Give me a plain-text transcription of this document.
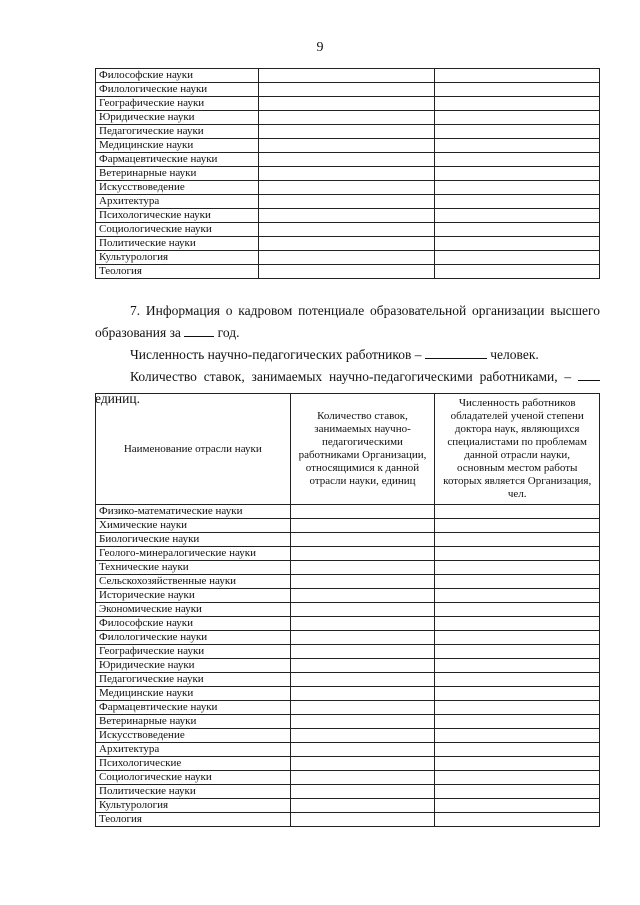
9
Философские науки		
Филологические науки		
Географические науки		
Юридические науки		
Педагогические науки		
Медицинские науки		
Фармацевтические науки		
Ветеринарные науки		
Искусствоведение		
Архитектура		
Психологические науки		
Социологические науки		
Политические науки		
Культурология		
Теология		

7. Информация о кадровом потенциале образовательной организации высшего образования за	год.

Численность научно-педагогических работников –	человек.

Количество ставок, занимаемых научно-педагогическими работниками, –  единиц.

Наименование отрасли науки	Количество ставок, занимаемых научно-педагогическими работниками Организации, относящимися к данной отрасли науки, единиц	Численность работников обладателей ученой степени доктора наук, являющихся специалистами по проблемам данной отрасли науки, основным местом работы которых является Организация, чел.
Физико-математические науки		
Химические науки		
Биологические науки		
Геолого-минералогические науки		
Технические науки		
Сельскохозяйственные науки		
Исторические науки		
Экономические науки		
Философские науки		
Филологические науки		
Географические науки		
Юридические науки		
Педагогические науки		
Медицинские науки		
Фармацевтические науки		
Ветеринарные науки		
Искусствоведение		
Архитектура		
Психологические		
Социологические науки		
Политические науки		
Культурология		
Теология		
